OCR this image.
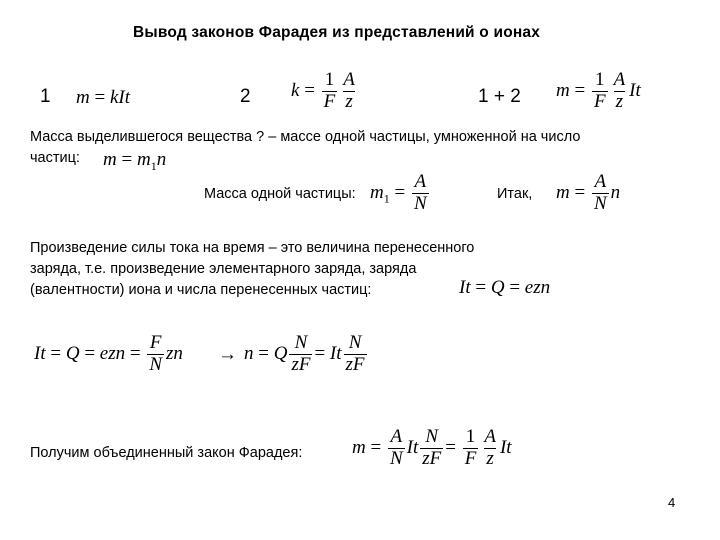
Вывод законов Фарадея из представлений о ионах
1 m = kIt	2 $k = \frac{1}{F} \frac{A}{z}$	1 + 2 $m = \frac{1}{F} \frac{A}{z}$ It
Масса выделившегося вещества ? – массе одной частицы, умноженной на число
частиц: $m = m_1n$
Масса одной частицы: $m_1 = \frac{A}{N}$	Итак, $m = \frac{A}{N}$ n
Произведение силы тока на время – это величина перенесенного
заряда, т.е. произведение элементарного заряда, заряда
(валентности) иона и числа перенесенных частиц:	It = Q = ezn
It = Q = ezn = $\frac{F}{N}$ zn → n = Q $\frac{N}{zF} = It \frac{N}{zF}$
Получим объединенный закон Фарадея:	$m = \frac{A}{N}$ It $\frac{N}{zF} = \frac{1}{F} \frac{A}{z}$ It
4
